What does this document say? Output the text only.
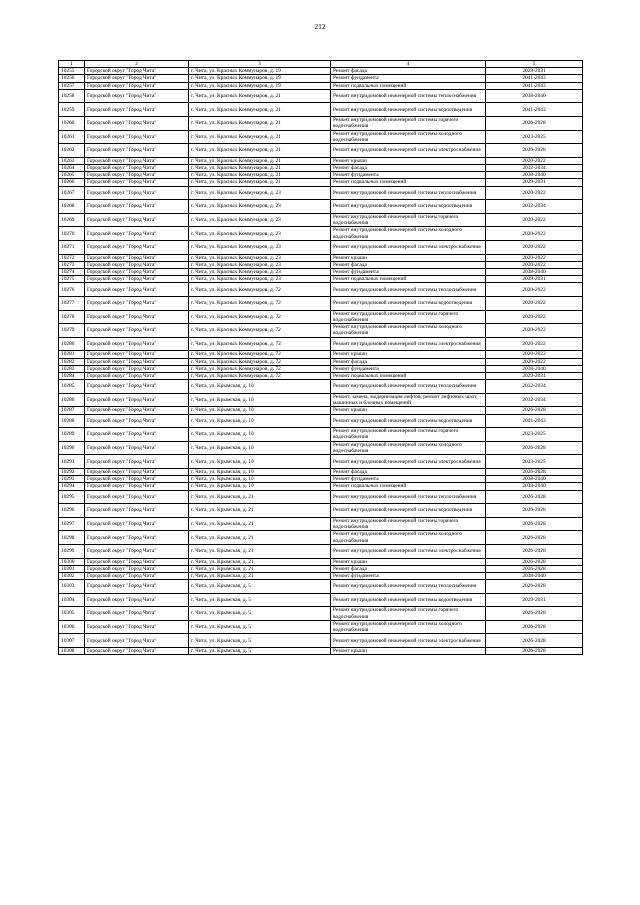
212
1	2	3	4	5
10255	Городской округ "Город Чита"	г. Чита, ул. Красных Коммунаров, д. 19	Ремонт фасада	2029-2031
10256	Городской округ "Город Чита"	г. Чита, ул. Красных Коммунаров, д. 19	Ремонт фундамента	2041-2043
10257	Городской округ "Город Чита"	г. Чита, ул. Красных Коммунаров, д. 19	Ремонт подвальных помещений	2041-2043
10258	Городской округ "Город Чита"	г. Чита, ул. Красных Коммунаров, д. 21	Ремонт внутридомовой инженерной системы теплоснабжения	2038-2040
10259	Городской округ "Город Чита"	г. Чита, ул. Красных Коммунаров, д. 21	Ремонт внутридомовой инженерной системы водоотведения	2041-2043
10260	Городской округ "Город Чита"	г. Чита, ул. Красных Коммунаров, д. 21	Ремонт внутридомовой инженерной системы горячего водоснабжения	2026-2028
10261	Городской округ "Город Чита"	г. Чита, ул. Красных Коммунаров, д. 21	Ремонт внутридомовой инженерной системы холодного водоснабжения	2023-2025
10262	Городской округ "Город Чита"	г. Чита, ул. Красных Коммунаров, д. 21	Ремонт внутридомовой инженерной системы электроснабжения	2026-2028
10263	Городской округ "Город Чита"	г. Чита, ул. Красных Коммунаров, д. 21	Ремонт крыши	2020-2022
10264	Городской округ "Город Чита"	г. Чита, ул. Красных Коммунаров, д. 21	Ремонт фасада	2032-2034
10265	Городской округ "Город Чита"	г. Чита, ул. Красных Коммунаров, д. 21	Ремонт фундамента	2038-2040
10266	Городской округ "Город Чита"	г. Чита, ул. Красных Коммунаров, д. 21	Ремонт подвальных помещений	2029-2031
10267	Городской округ "Город Чита"	г. Чита, ул. Красных Коммунаров, д. 23	Ремонт внутридомовой инженерной системы теплоснабжения	2020-2022
10268	Городской округ "Город Чита"	г. Чита, ул. Красных Коммунаров, д. 23	Ремонт внутридомовой инженерной системы водоотведения	2032-2034
10269	Городской округ "Город Чита"	г. Чита, ул. Красных Коммунаров, д. 23	Ремонт внутридомовой инженерной системы горячего водоснабжения	2020-2022
10270	Городской округ "Город Чита"	г. Чита, ул. Красных Коммунаров, д. 23	Ремонт внутридомовой инженерной системы холодного водоснабжения	2020-2022
10271	Городской округ "Город Чита"	г. Чита, ул. Красных Коммунаров, д. 23	Ремонт внутридомовой инженерной системы электроснабжения	2020-2022
10272	Городской округ "Город Чита"	г. Чита, ул. Красных Коммунаров, д. 23	Ремонт крыши	2020-2022
10273	Городской округ "Город Чита"	г. Чита, ул. Красных Коммунаров, д. 23	Ремонт фасада	2020-2022
10274	Городской округ "Город Чита"	г. Чита, ул. Красных Коммунаров, д. 23	Ремонт фундамента	2038-2040
10275	Городской округ "Город Чита"	г. Чита, ул. Красных Коммунаров, д. 23	Ремонт подвальных помещений	2029-2031
10276	Городской округ "Город Чита"	г. Чита, ул. Красных Коммунаров, д. 72	Ремонт внутридомовой инженерной системы теплоснабжения	2020-2022
10277	Городской округ "Город Чита"	г. Чита, ул. Красных Коммунаров, д. 72	Ремонт внутридомовой инженерной системы водоотведения	2020-2022
10278	Городской округ "Город Чита"	г. Чита, ул. Красных Коммунаров, д. 72	Ремонт внутридомовой инженерной системы горячего водоснабжения	2020-2022
10279	Городской округ "Город Чита"	г. Чита, ул. Красных Коммунаров, д. 72	Ремонт внутридомовой инженерной системы холодного водоснабжения	2020-2022
10280	Городской округ "Город Чита"	г. Чита, ул. Красных Коммунаров, д. 72	Ремонт внутридомовой инженерной системы электроснабжения	2020-2022
10281	Городской округ "Город Чита"	г. Чита, ул. Красных Коммунаров, д. 72	Ремонт крыши	2020-2022
10282	Городской округ "Город Чита"	г. Чита, ул. Красных Коммунаров, д. 72	Ремонт фасада	2020-2022
10283	Городской округ "Город Чита"	г. Чита, ул. Красных Коммунаров, д. 72	Ремонт фундамента	2038-2040
10284	Городской округ "Город Чита"	г. Чита, ул. Красных Коммунаров, д. 72	Ремонт подвальных помещений	2029-2031
10285	Городской округ "Город Чита"	г. Чита, ул. Крымская, д. 10	Ремонт внутридомовой инженерной системы теплоснабжения	2032-2034
10286	Городской округ "Город Чита"	г. Чита, ул. Крымская, д. 10	Ремонт, замена, модернизация лифтов, ремонт лифтовых шахт, машинных и блочных помещений	2032-2034
10287	Городской округ "Город Чита"	г. Чита, ул. Крымская, д. 10	Ремонт крыши	2026-2028
10288	Городской округ "Город Чита"	г. Чита, ул. Крымская, д. 10	Ремонт внутридомовой инженерной системы водоотведения	2041-2043
10289	Городской округ "Город Чита"	г. Чита, ул. Крымская, д. 10	Ремонт внутридомовой инженерной системы горячего водоснабжения	2023-2025
10290	Городской округ "Город Чита"	г. Чита, ул. Крымская, д. 10	Ремонт внутридомовой инженерной системы холодного водоснабжения	2026-2028
10291	Городской округ "Город Чита"	г. Чита, ул. Крымская, д. 10	Ремонт внутридомовой инженерной системы электроснабжения	2023-2025
10292	Городской округ "Город Чита"	г. Чита, ул. Крымская, д. 10	Ремонт фасада	2026-2028
10293	Городской округ "Город Чита"	г. Чита, ул. Крымская, д. 10	Ремонт фундамента	2038-2040
10294	Городской округ "Город Чита"	г. Чита, ул. Крымская, д. 10	Ремонт подвальных помещений	2038-2040
10295	Городской округ "Город Чита"	г. Чита, ул. Крымская, д. 21	Ремонт внутридомовой инженерной системы теплоснабжения	2026-2028
10296	Городской округ "Город Чита"	г. Чита, ул. Крымская, д. 21	Ремонт внутридомовой инженерной системы водоотведения	2026-2028
10297	Городской округ "Город Чита"	г. Чита, ул. Крымская, д. 21	Ремонт внутридомовой инженерной системы горячего водоснабжения	2026-2028
10298	Городской округ "Город Чита"	г. Чита, ул. Крымская, д. 21	Ремонт внутридомовой инженерной системы холодного водоснабжения	2026-2028
10299	Городской округ "Город Чита"	г. Чита, ул. Крымская, д. 21	Ремонт внутридомовой инженерной системы электроснабжения	2026-2028
10300	Городской округ "Город Чита"	г. Чита, ул. Крымская, д. 21	Ремонт крыши	2026-2028
10301	Городской округ "Город Чита"	г. Чита, ул. Крымская, д. 21	Ремонт фасада	2026-2028
10302	Городской округ "Город Чита"	г. Чита, ул. Крымская, д. 21	Ремонт фундамента	2038-2040
10303	Городской округ "Город Чита"	г. Чита, ул. Крымская, д. 5	Ремонт внутридомовой инженерной системы теплоснабжения	2026-2028
10304	Городской округ "Город Чита"	г. Чита, ул. Крымская, д. 5	Ремонт внутридомовой инженерной системы водоотведения	2029-2031
10305	Городской округ "Город Чита"	г. Чита, ул. Крымская, д. 5	Ремонт внутридомовой инженерной системы горячего водоснабжения	2026-2028
10306	Городской округ "Город Чита"	г. Чита, ул. Крымская, д. 5	Ремонт внутридомовой инженерной системы холодного водоснабжения	2026-2028
10307	Городской округ "Город Чита"	г. Чита, ул. Крымская, д. 5	Ремонт внутридомовой инженерной системы электроснабжения	2026-2028
10308	Городской округ "Город Чита"	г. Чита, ул. Крымская, д. 5	Ремонт крыши	2026-2028
